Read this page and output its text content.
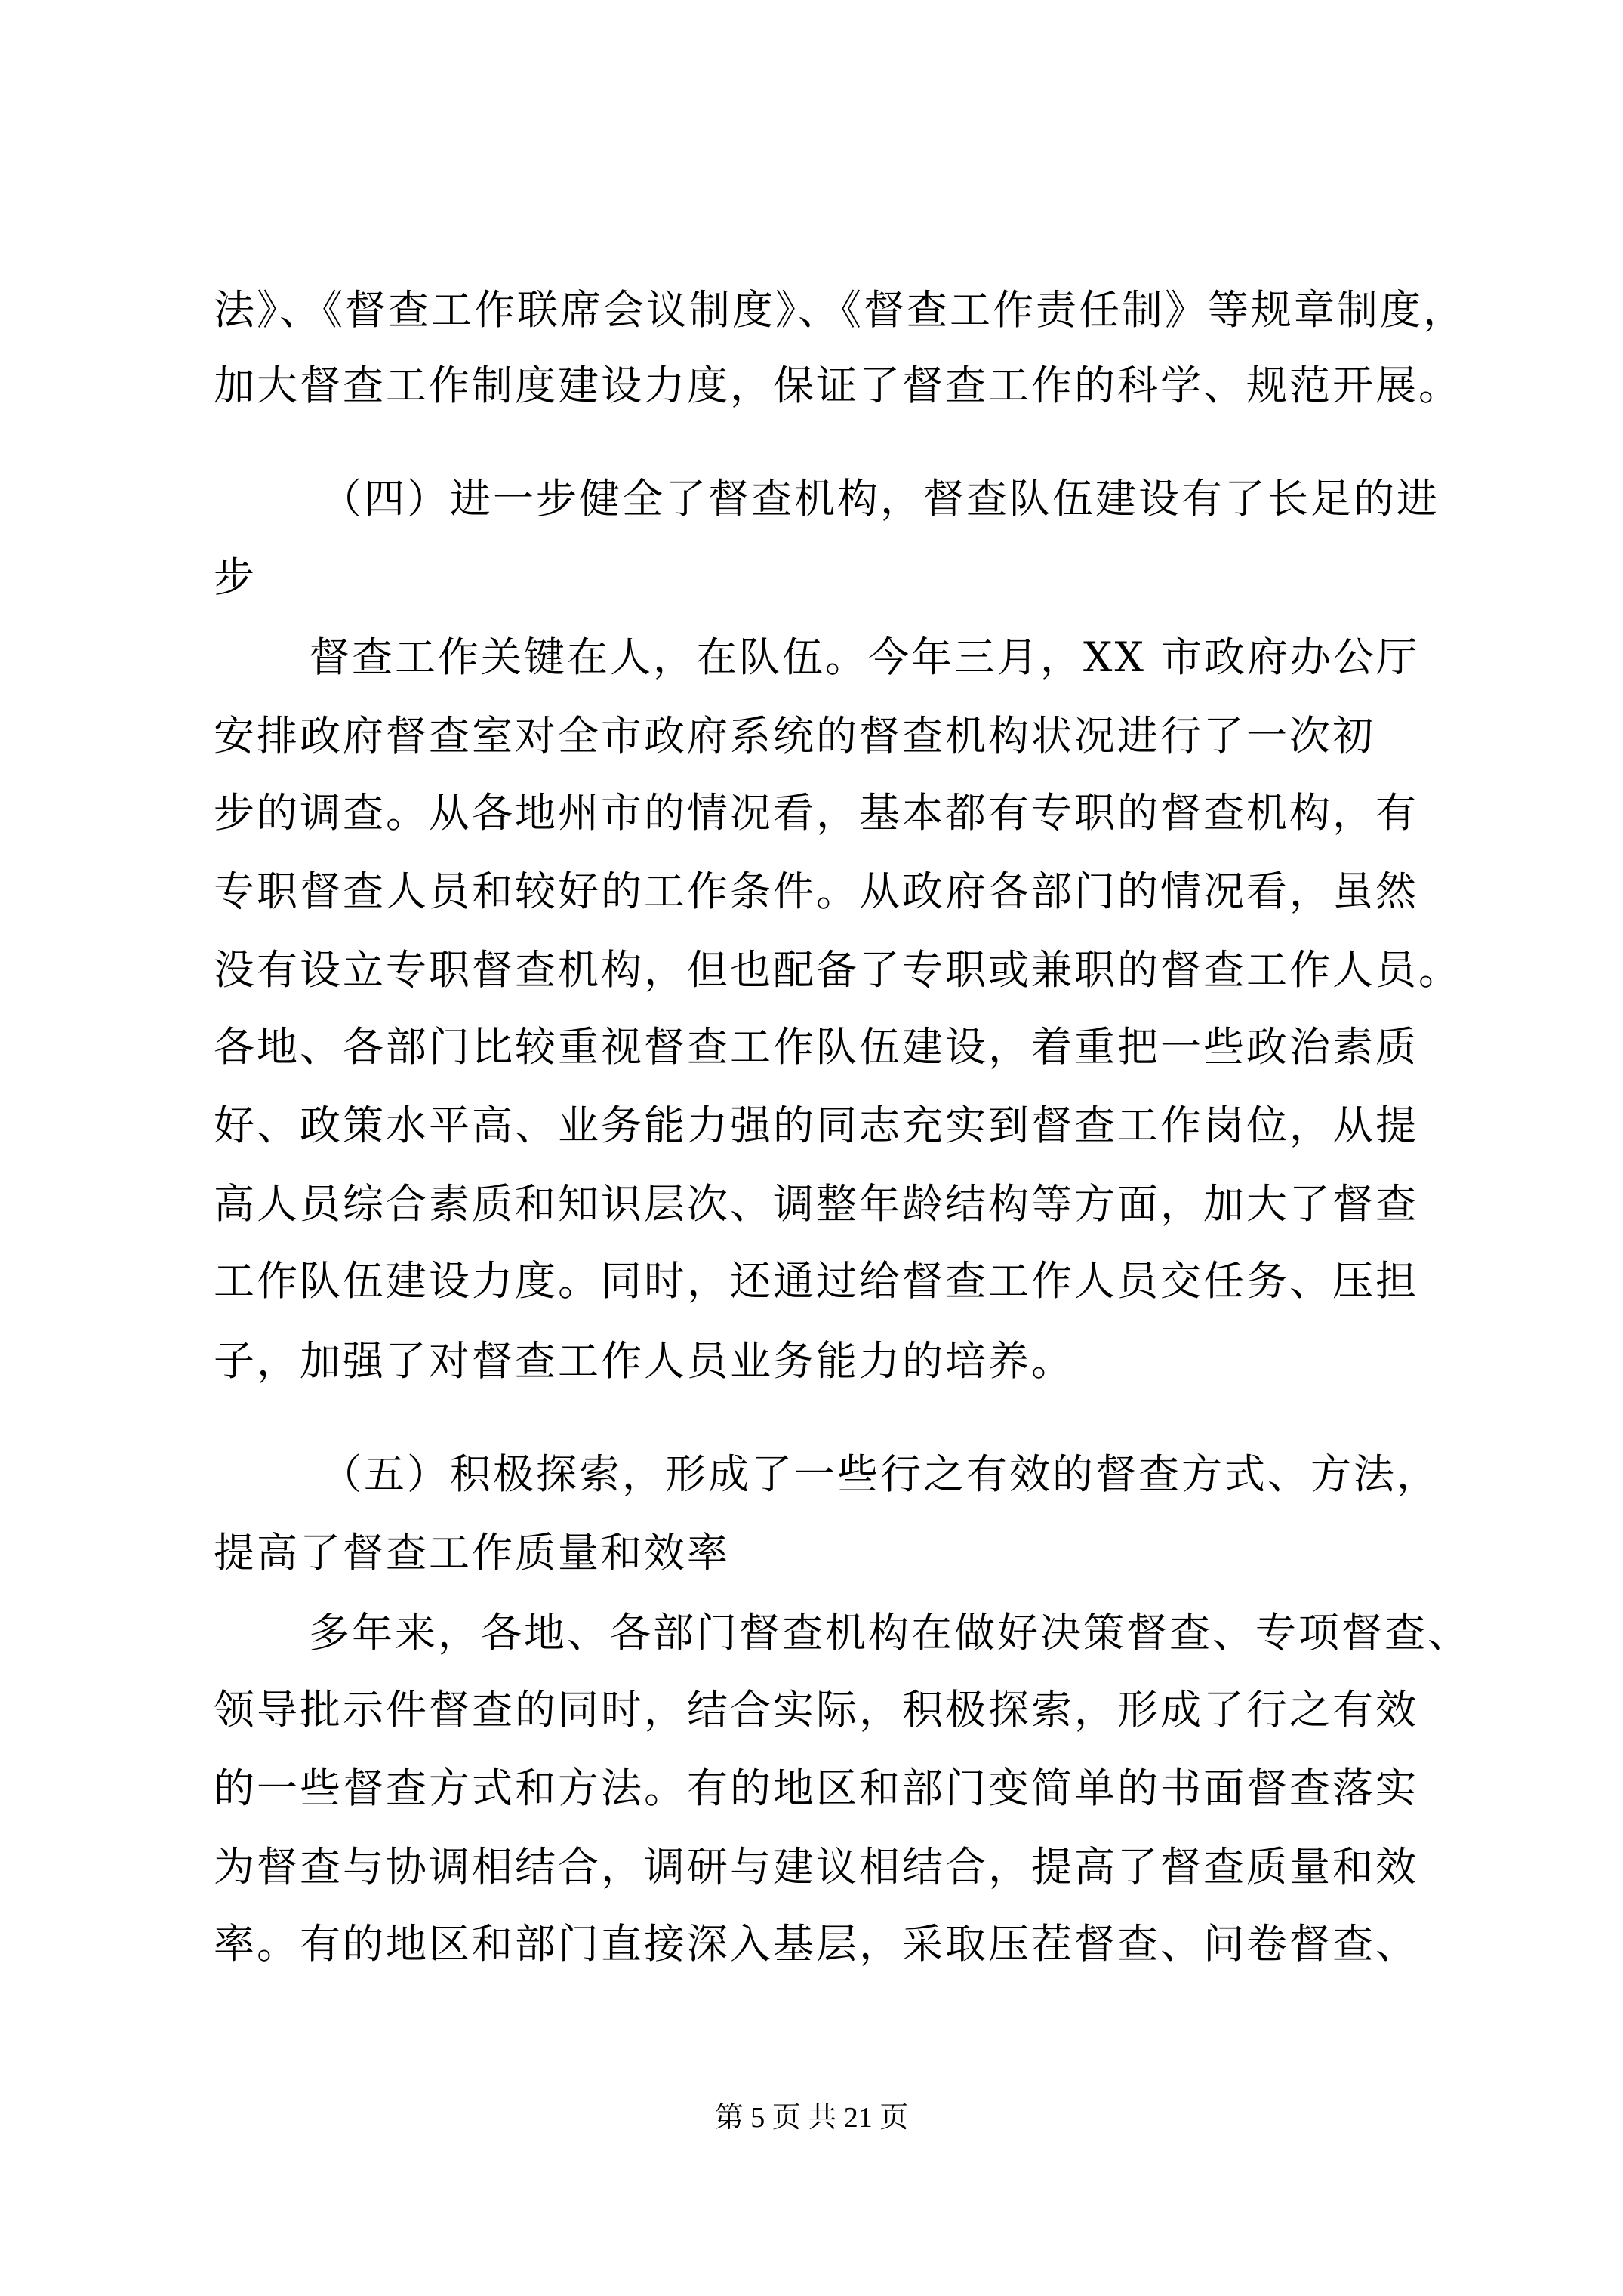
法》、《督查工作联席会议制度》、《督查工作责任制》等规章制度，
加大督查工作制度建设力度，保证了督查工作的科学、规范开展。
（四）进一步健全了督查机构，督查队伍建设有了长足的进
步
督查工作关键在人，在队伍。今年三月，XX 市政府办公厅
安排政府督查室对全市政府系统的督查机构状况进行了一次初
步的调查。从各地州市的情况看，基本都有专职的督查机构，有
专职督查人员和较好的工作条件。从政府各部门的情况看，虽然
没有设立专职督查机构，但也配备了专职或兼职的督查工作人员。
各地、各部门比较重视督查工作队伍建设，着重把一些政治素质
好、政策水平高、业务能力强的同志充实到督查工作岗位，从提
高人员综合素质和知识层次、调整年龄结构等方面，加大了督查
工作队伍建设力度。同时，还通过给督查工作人员交任务、压担
子，加强了对督查工作人员业务能力的培养。
（五）积极探索，形成了一些行之有效的督查方式、方法，
提高了督查工作质量和效率
多年来，各地、各部门督查机构在做好决策督查、专项督查、
领导批示件督查的同时，结合实际，积极探索，形成了行之有效
的一些督查方式和方法。有的地区和部门变简单的书面督查落实
为督查与协调相结合，调研与建议相结合，提高了督查质量和效
率。有的地区和部门直接深入基层，采取压茬督查、问卷督查、
第 5 页 共 21 页
